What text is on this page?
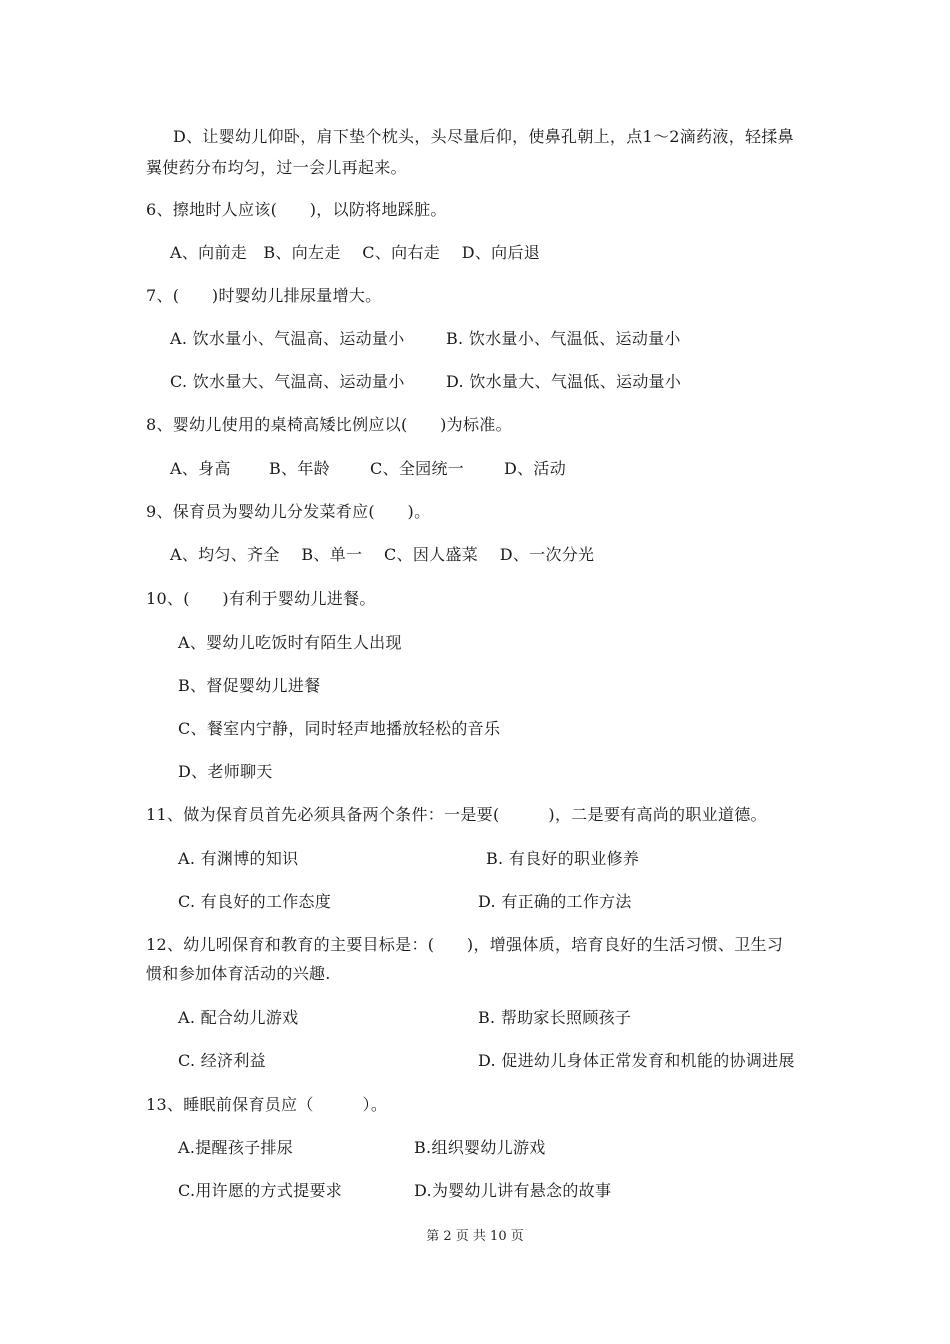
D、让婴幼儿仰卧，肩下垫个枕头，头尽量后仰，使鼻孔朝上，点1～2滴药液，轻揉鼻
翼使药分布均匀，过一会儿再起来。
6、擦地时人应该(　　)，以防将地踩脏。
A、向前走　B、向左走　 C、向右走　 D、向后退
7、(　　)时婴幼儿排尿量增大。
A. 饮水量小、气温高、运动量小	B. 饮水量小、气温低、运动量小
C. 饮水量大、气温高、运动量小	D. 饮水量大、气温低、运动量小
8、婴幼儿使用的桌椅高矮比例应以(　　)为标准。
A、身高 B、年龄	C、全园统一 D、活动
9、保育员为婴幼儿分发菜肴应(　　)。
A、均匀、齐全　 B、单一　 C、因人盛菜　 D、一次分光
10、(　　)有利于婴幼儿进餐。
A、婴幼儿吃饭时有陌生人出现
B、督促婴幼儿进餐
C、餐室内宁静，同时轻声地播放轻松的音乐
D、老师聊天
11、做为保育员首先必须具备两个条件：一是要(　　　)，二是要有高尚的职业道德。
A. 有渊博的知识	B. 有良好的职业修养
C. 有良好的工作态度	D. 有正确的工作方法
12、幼儿吲保育和教育的主要目标是：(　　)，增强体质，培育良好的生活习惯、卫生习
惯和参加体育活动的兴趣.
A. 配合幼儿游戏	B. 帮助家长照顾孩子
C. 经济利益	D. 促进幼儿身体正常发育和机能的协调进展
13、睡眠前保育员应（　　　）。
A.提醒孩子排尿	B.组织婴幼儿游戏
C.用许愿的方式提要求	D.为婴幼儿讲有悬念的故事
第 2 页 共 10 页
